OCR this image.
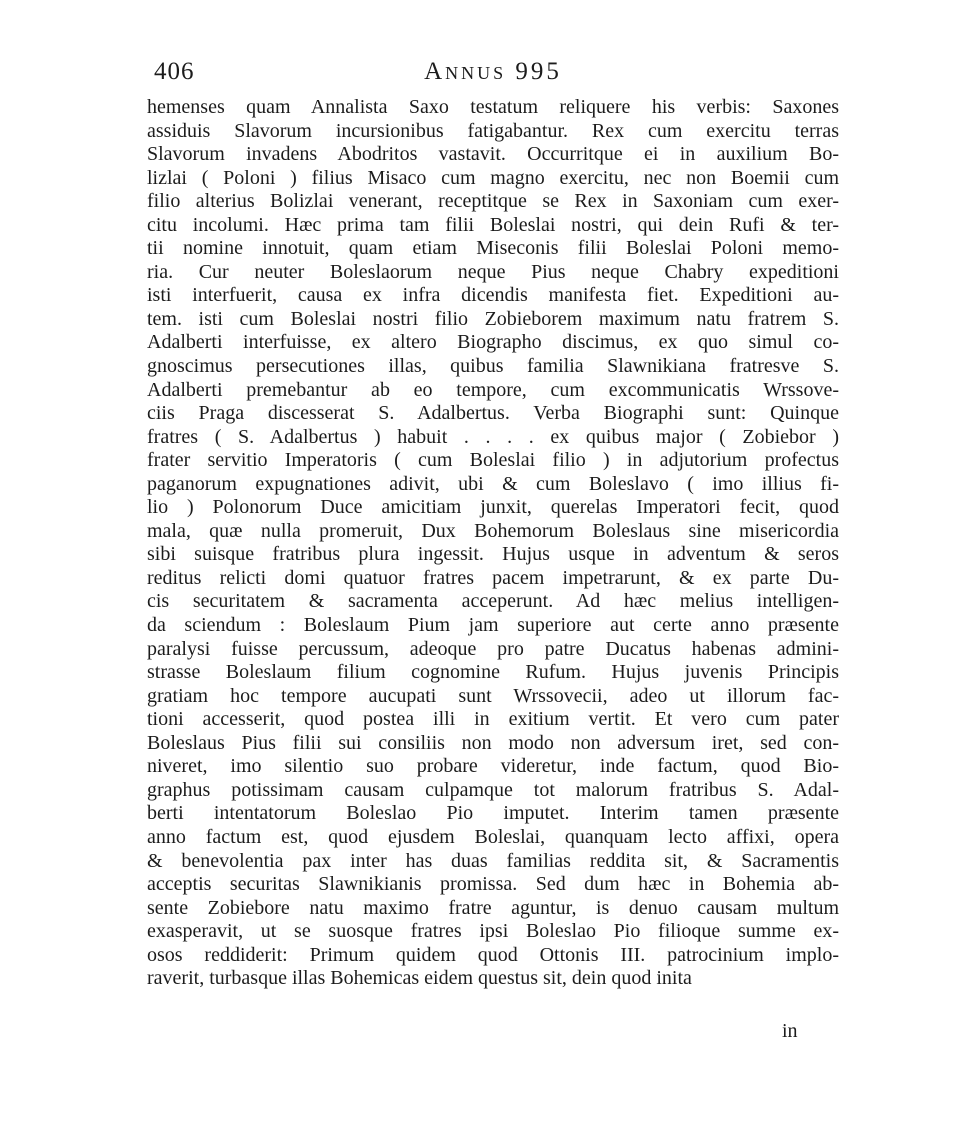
406	Annus 995
hemenses quam Annalista Saxo testatum reliquere his verbis: Saxones
assiduis Slavorum incursionibus fatigabantur. Rex cum exercitu terras
Slavorum invadens Abodritos vastavit. Occurritque ei in auxilium Bo-
lizlai ( Poloni ) filius Misaco cum magno exercitu, nec non Boemii cum
filio alterius Bolizlai venerant, receptitque se Rex in Saxoniam cum exer-
citu incolumi. Hæc prima tam filii Boleslai nostri, qui dein Rufi & ter-
tii nomine innotuit, quam etiam Misecоnis filii Boleslai Poloni memo-
ria. Cur neuter Boleslaorum neque Pius neque Chabry expeditioni
isti interfuerit, causa ex infra dicendis manifesta fiet. Expeditioni au-
tem. isti cum Boleslai nostri filio Zobieborem maximum natu fratrem S.
Adalberti interfuisse, ex altero Biographo discimus, ex quo simul co-
gnoscimus persecutiones illas, quibus familia Slawnikiana fratresve S.
Adalberti premebantur ab eo tempore, cum excommunicatis Wrssove-
ciis Praga discesserat S. Adalbertus. Verba Biographi sunt: Quinque
fratres ( S. Adalbertus ) habuit . . . . ex quibus major ( Zobiebor )
frater servitio Imperatoris ( cum Boleslai filio ) in adjutorium profectus
paganorum expugnationes adivit, ubi & cum Boleslavo ( imo illius fi-
lio ) Polonorum Duce amicitiam junxit, querelas Imperatori fecit, quod
mala, quæ nulla promeruit, Dux Bohemorum Boleslaus sine misericordia
sibi suisque fratribus plura ingessit. Hujus usque in adventum & seros
reditus relicti domi quatuor fratres pacem impetrarunt, & ex parte Du-
cis securitatem & sacramenta acceperunt. Ad hæc melius intelligen-
da sciendum : Boleslaum Pium jam superiore aut certe anno præsente
paralysi fuisse percussum, adeoque pro patre Ducatus habenas admini-
strasse Boleslaum filium cognomine Rufum. Hujus juvenis Principis
gratiam hoc tempore aucupati sunt Wrssovecii, adeo ut illorum fac-
tioni accesserit, quod postea illi in exitium vertit. Et vero cum pater
Boleslaus Pius filii sui consiliis non modo non adversum iret, sed con-
niveret, imo silentio suo probare videretur, inde factum, quod Bio-
graphus potissimam causam culpamque tot malorum fratribus S. Adal-
berti intentatorum Boleslao Pio imputet. Interim tamen præsente
anno factum est, quod ejusdem Boleslai, quanquam lecto affixi, opera
& benevolentia pax inter has duas familias reddita sit, & Sacramentis
acceptis securitas Slawnikianis promissa. Sed dum hæc in Bohemia ab-
sente Zobiebore natu maximo fratre aguntur, is denuo causam multum
exasperavit, ut se suosque fratres ipsi Boleslao Pio filioque summe ex-
osos reddiderit: Primum quidem quod Ottonis III. patrocinium implo-
raverit, turbasque illas Bohemicas eidem questus sit, dein quod inita
in
